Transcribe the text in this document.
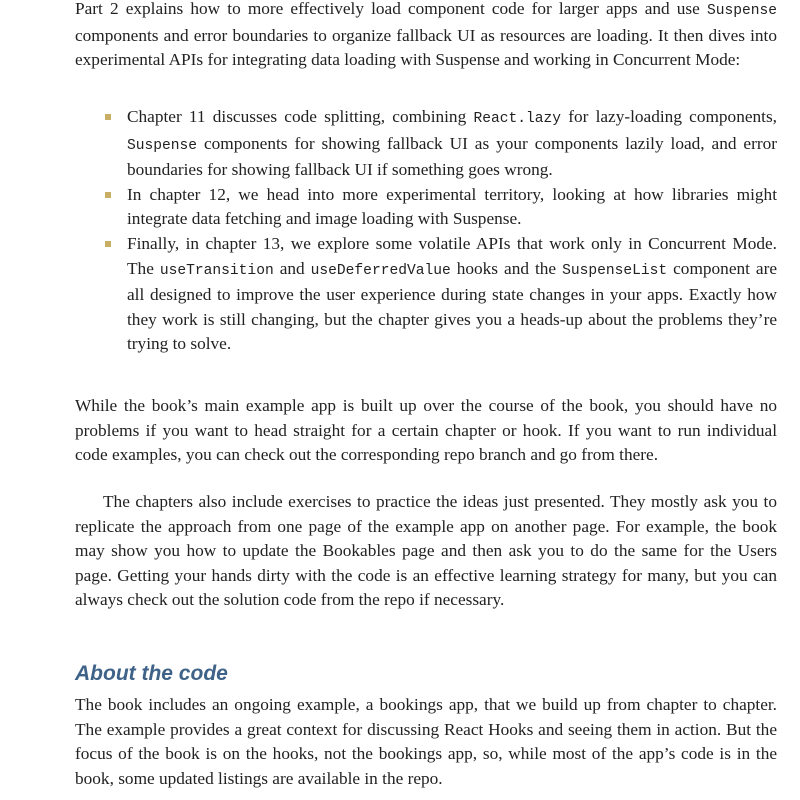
Part 2 explains how to more effectively load component code for larger apps and use Suspense components and error boundaries to organize fallback UI as resources are loading. It then dives into experimental APIs for integrating data loading with Suspense and working in Concurrent Mode:

Chapter 11 discusses code splitting, combining React.lazy for lazy-loading components, Suspense components for showing fallback UI as your components lazily load, and error boundaries for showing fallback UI if something goes wrong.
In chapter 12, we head into more experimental territory, looking at how libraries might integrate data fetching and image loading with Suspense.
Finally, in chapter 13, we explore some volatile APIs that work only in Concurrent Mode. The useTransition and useDeferredValue hooks and the SuspenseList component are all designed to improve the user experience during state changes in your apps. Exactly how they work is still changing, but the chapter gives you a heads-up about the problems they’re trying to solve.

While the book’s main example app is built up over the course of the book, you should have no problems if you want to head straight for a certain chapter or hook. If you want to run individual code examples, you can check out the corresponding repo branch and go from there.

The chapters also include exercises to practice the ideas just presented. They mostly ask you to replicate the approach from one page of the example app on another page. For example, the book may show you how to update the Bookables page and then ask you to do the same for the Users page. Getting your hands dirty with the code is an effective learning strategy for many, but you can always check out the solution code from the repo if necessary.

About the code

The book includes an ongoing example, a bookings app, that we build up from chapter to chapter. The example provides a great context for discussing React Hooks and seeing them in action. But the focus of the book is on the hooks, not the bookings app, so, while most of the app’s code is in the book, some updated listings are available in the repo.
